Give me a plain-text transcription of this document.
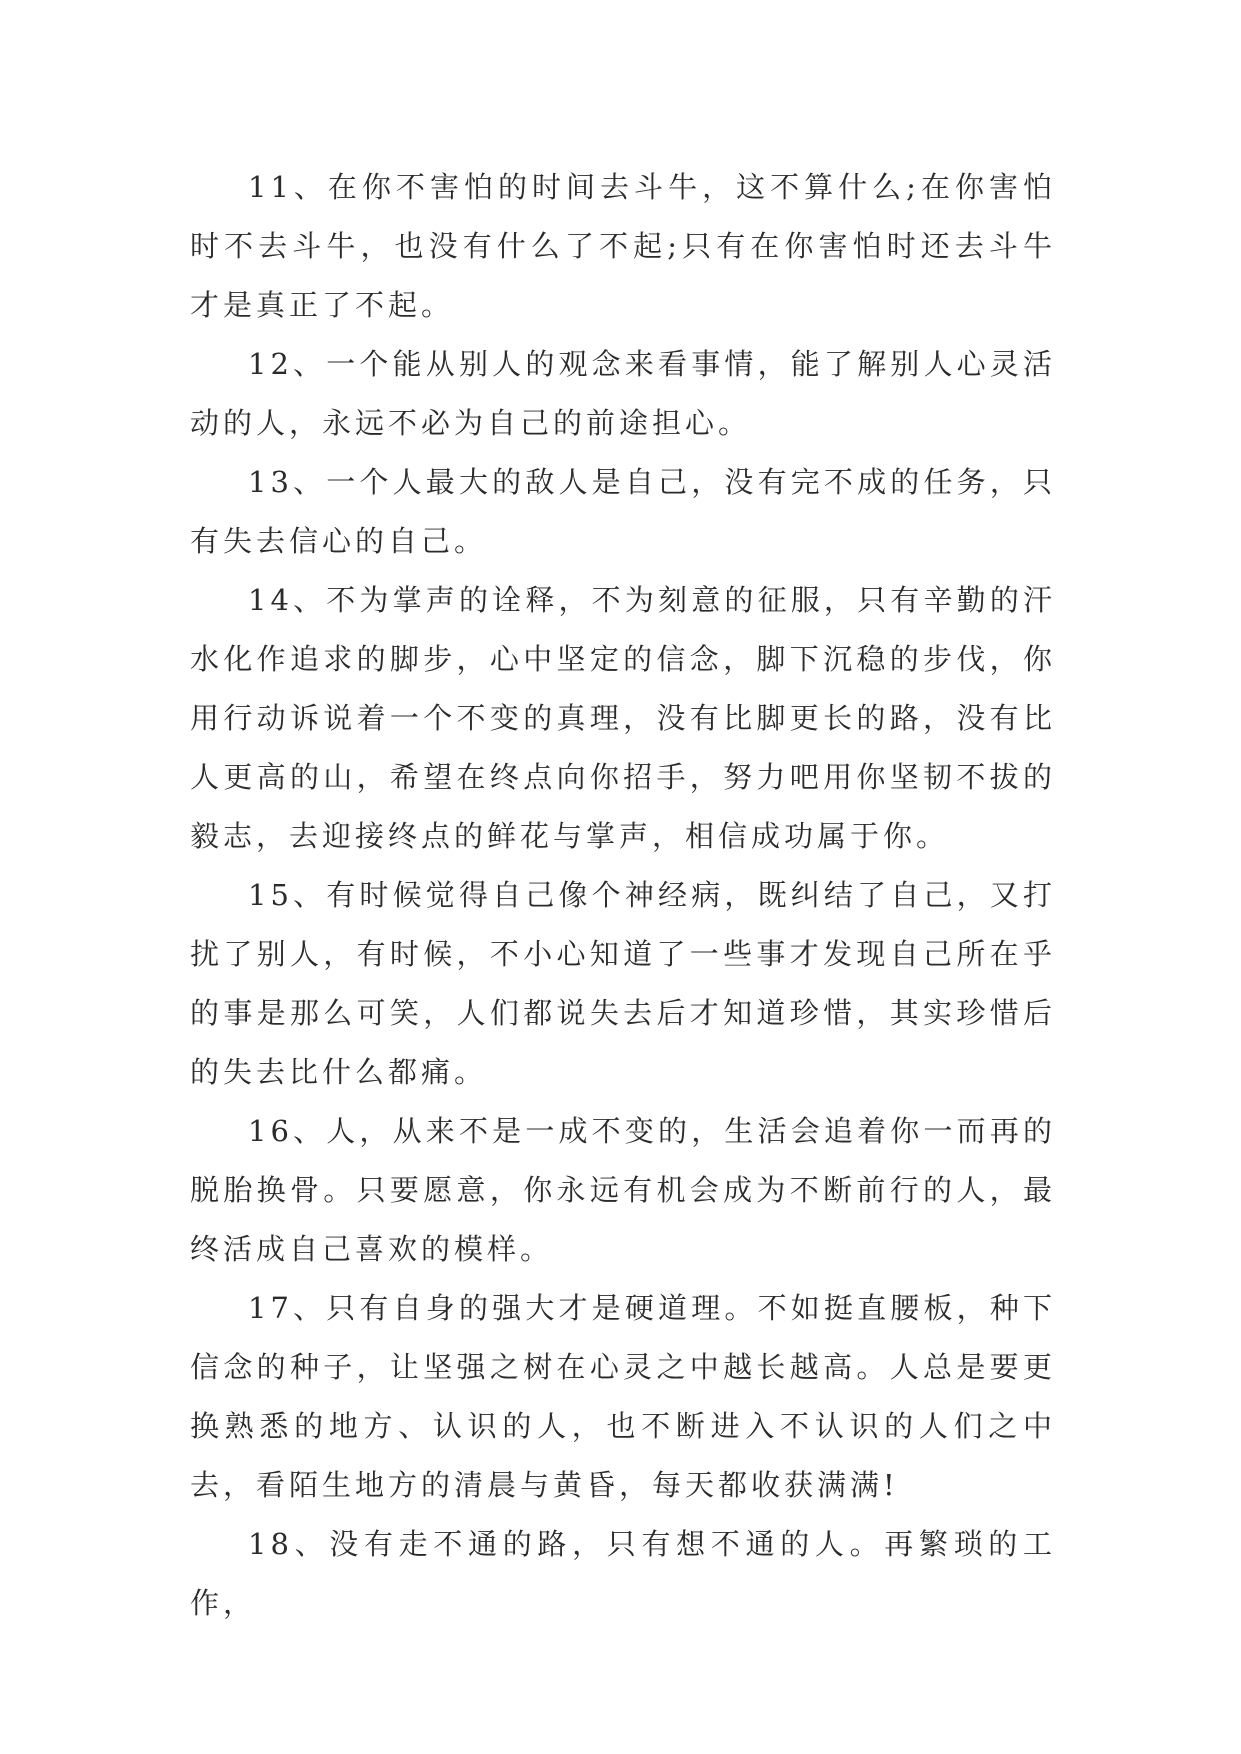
11、在你不害怕的时间去斗牛，这不算什么;在你害怕时不去斗牛，也没有什么了不起;只有在你害怕时还去斗牛才是真正了不起。

12、一个能从别人的观念来看事情，能了解别人心灵活动的人，永远不必为自己的前途担心。

13、一个人最大的敌人是自己，没有完不成的任务，只有失去信心的自己。

14、不为掌声的诠释，不为刻意的征服，只有辛勤的汗水化作追求的脚步，心中坚定的信念，脚下沉稳的步伐，你用行动诉说着一个不变的真理，没有比脚更长的路，没有比人更高的山，希望在终点向你招手，努力吧用你坚韧不拔的毅志，去迎接终点的鲜花与掌声，相信成功属于你。

15、有时候觉得自己像个神经病，既纠结了自己，又打扰了别人，有时候，不小心知道了一些事才发现自己所在乎的事是那么可笑，人们都说失去后才知道珍惜，其实珍惜后的失去比什么都痛。

16、人，从来不是一成不变的，生活会追着你一而再的脱胎换骨。只要愿意，你永远有机会成为不断前行的人，最终活成自己喜欢的模样。

17、只有自身的强大才是硬道理。不如挺直腰板，种下信念的种子，让坚强之树在心灵之中越长越高。人总是要更换熟悉的地方、认识的人，也不断进入不认识的人们之中去，看陌生地方的清晨与黄昏，每天都收获满满!

18、没有走不通的路，只有想不通的人。再繁琐的工作，
